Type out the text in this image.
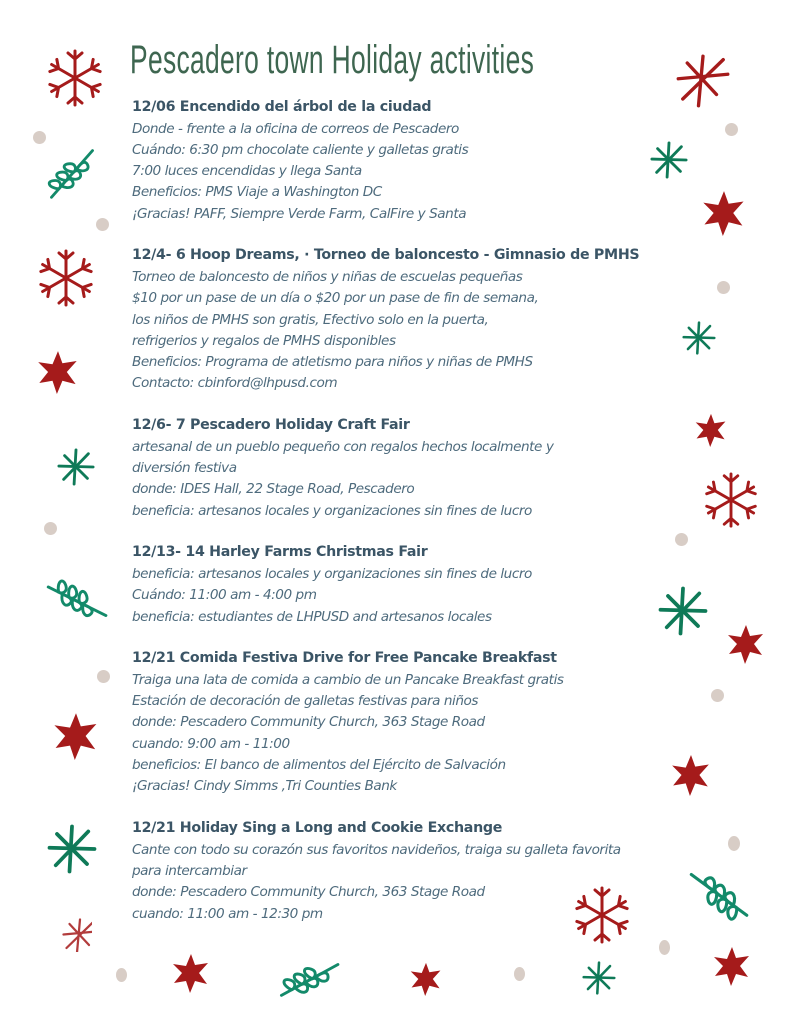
Pescadero town Holiday activities
12/06 Encendido del árbol de la ciudad
Donde - frente a la oficina de correos de Pescadero
Cuándo: 6:30 pm chocolate caliente y galletas gratis
7:00 luces encendidas y llega Santa
Beneficios: PMS Viaje a Washington DC
¡Gracias! PAFF, Siempre Verde Farm, CalFire y Santa
12/4- 6 Hoop Dreams, · Torneo de baloncesto - Gimnasio de PMHS
Torneo de baloncesto de niños y niñas de escuelas pequeñas
$10 por un pase de un día o $20 por un pase de fin de semana,
los niños de PMHS son gratis, Efectivo solo en la puerta,
refrigerios y regalos de PMHS disponibles
Beneficios: Programa de atletismo para niños y niñas de PMHS
Contacto: cbinford@lhpusd.com
12/6- 7 Pescadero Holiday Craft Fair
artesanal de un pueblo pequeño con regalos hechos localmente y
diversión festiva
donde: IDES Hall, 22 Stage Road, Pescadero
beneficia: artesanos locales y organizaciones sin fines de lucro
12/13- 14 Harley Farms Christmas Fair
beneficia: artesanos locales y organizaciones sin fines de lucro
Cuándo: 11:00 am - 4:00 pm
beneficia: estudiantes de LHPUSD and artesanos locales
12/21 Comida Festiva Drive for Free Pancake Breakfast
Traiga una lata de comida a cambio de un Pancake Breakfast gratis
Estación de decoración de galletas festivas para niños
donde: Pescadero Community Church, 363 Stage Road
cuando: 9:00 am - 11:00
beneficios: El banco de alimentos del Ejército de Salvación
¡Gracias! Cindy Simms ,Tri Counties Bank
12/21 Holiday Sing a Long and Cookie Exchange
Cante con todo su corazón sus favoritos navideños, traiga su galleta favorita
para intercambiar
donde: Pescadero Community Church, 363 Stage Road
cuando: 11:00 am - 12:30 pm
